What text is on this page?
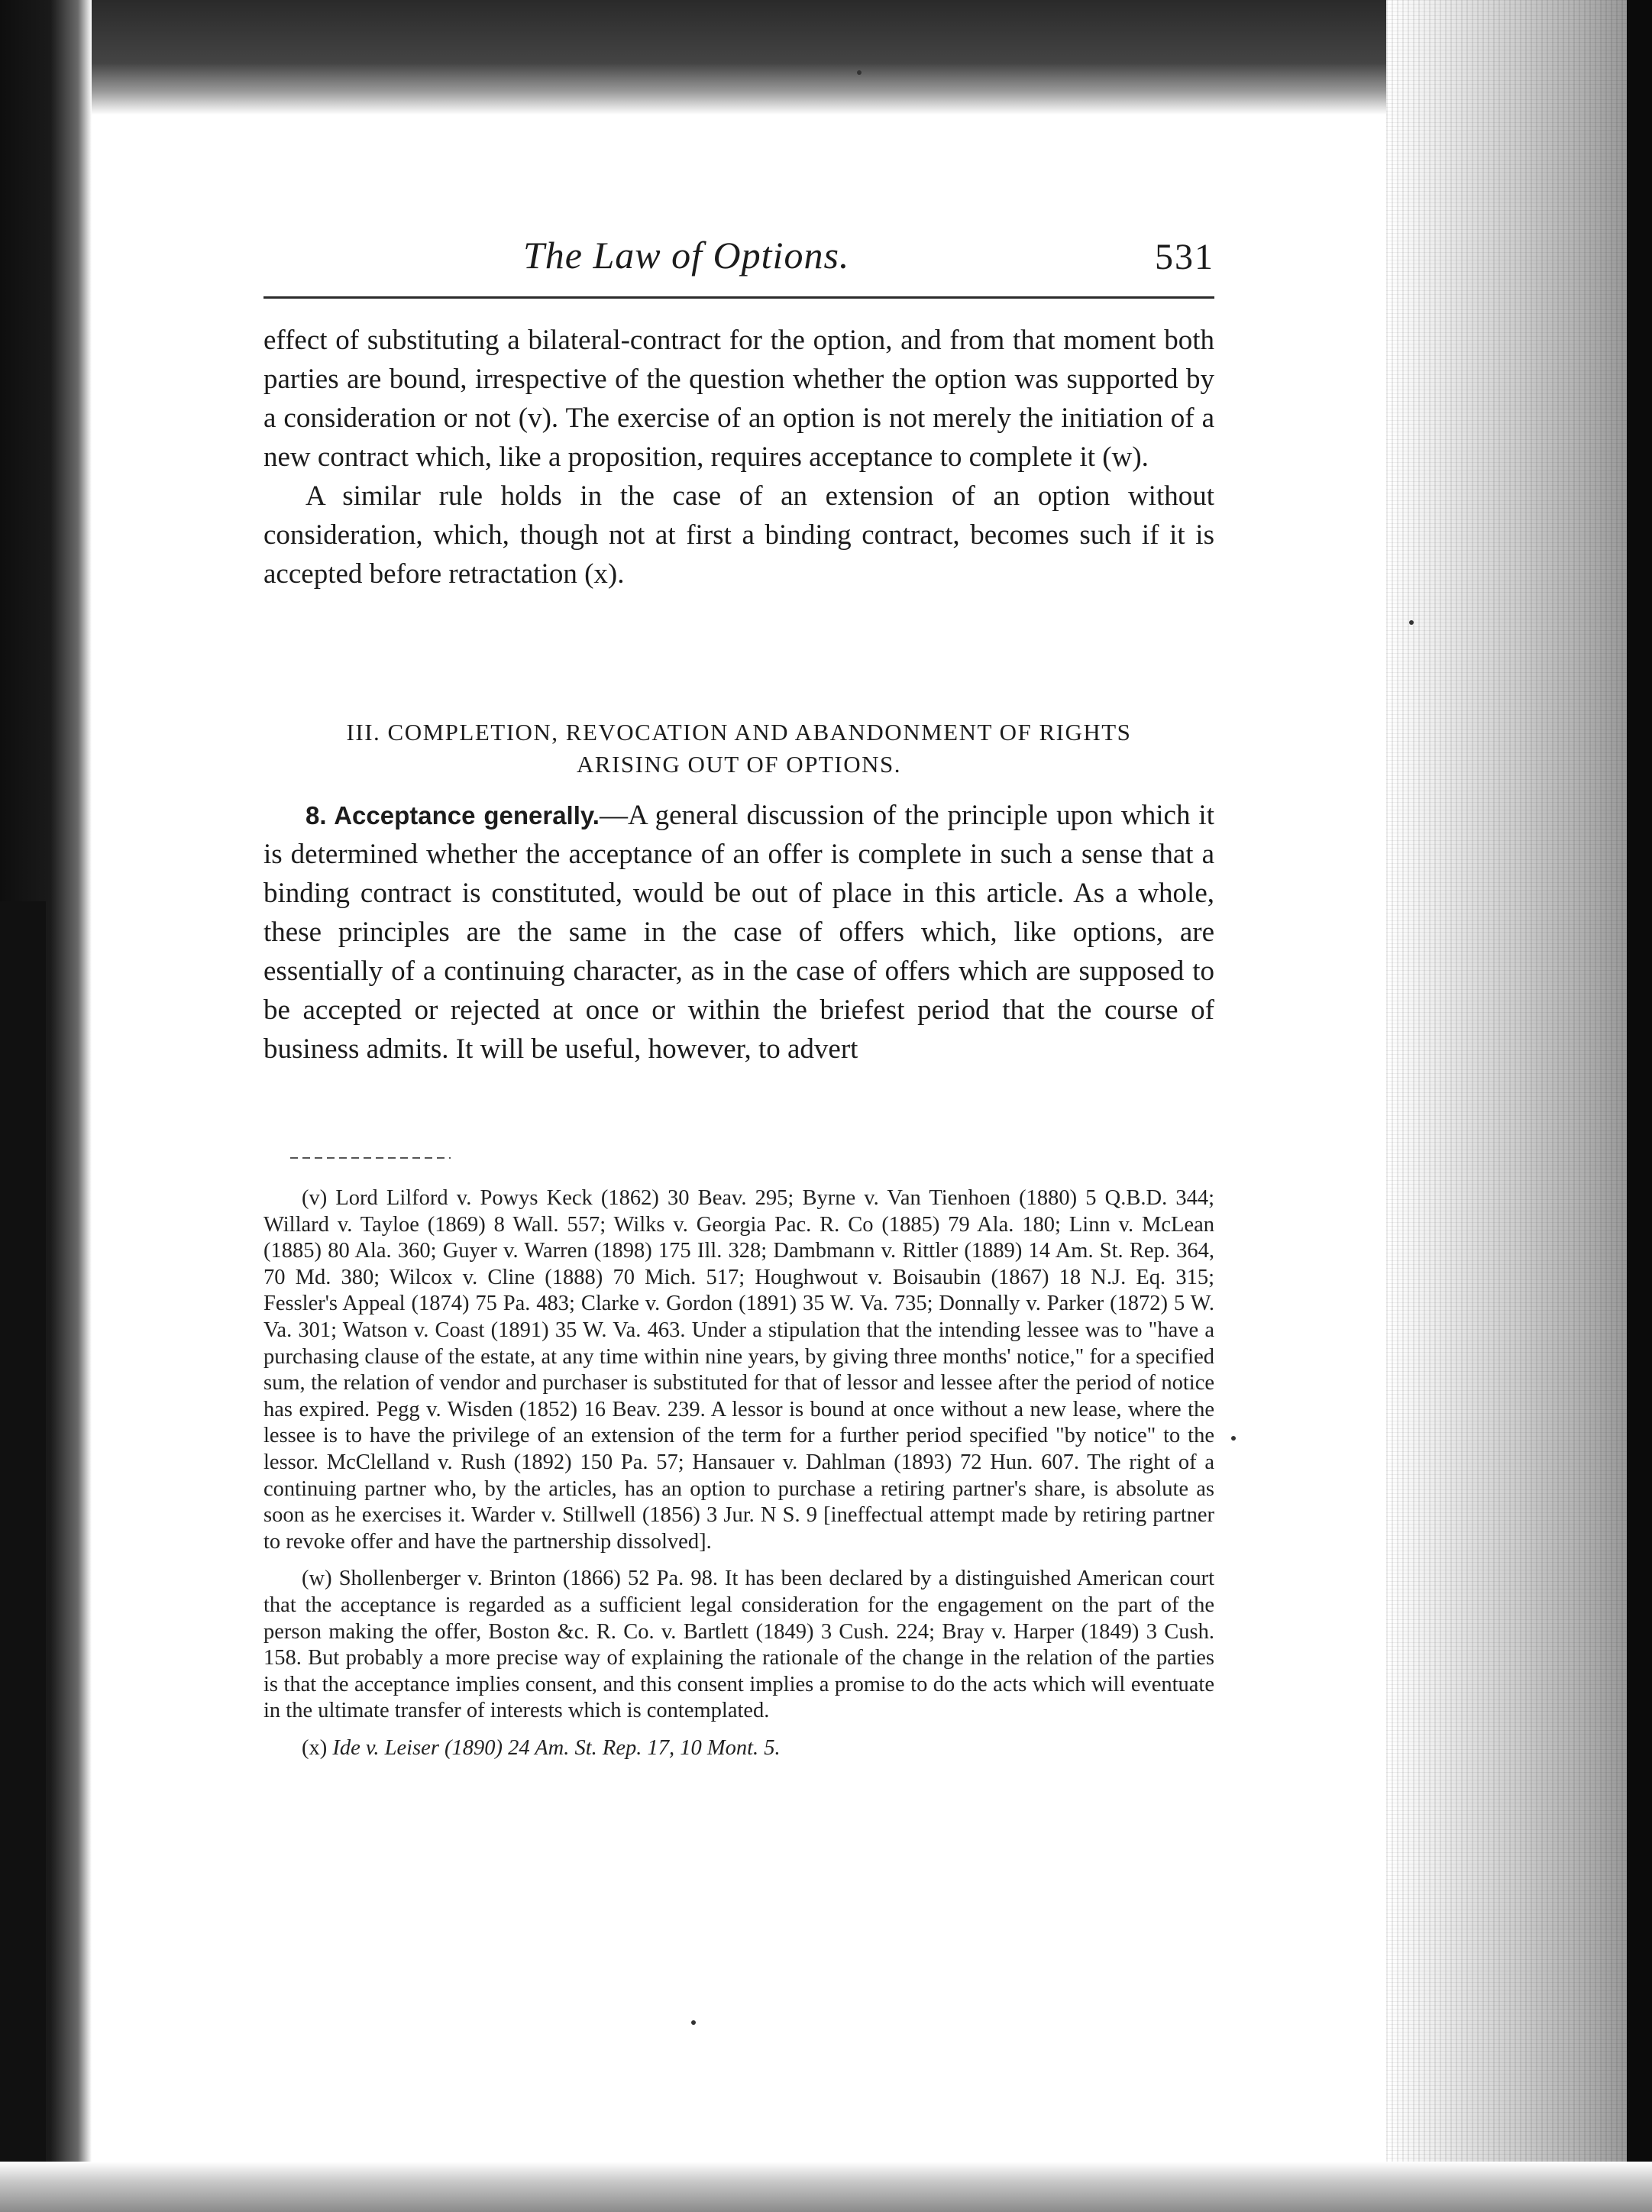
The Law of Options.	531

effect of substituting a bilateral-contract for the option, and from that moment both parties are bound, irrespective of the question whether the option was supported by a consideration or not (v). The exercise of an option is not merely the initiation of a new contract which, like a proposition, requires acceptance to complete it (w).

A similar rule holds in the case of an extension of an option without consideration, which, though not at first a binding contract, becomes such if it is accepted before retractation (x).

III. COMPLETION, REVOCATION AND ABANDONMENT OF RIGHTS
ARISING OUT OF OPTIONS.

8. Acceptance generally.—A general discussion of the principle upon which it is determined whether the acceptance of an offer is complete in such a sense that a binding contract is constituted, would be out of place in this article. As a whole, these principles are the same in the case of offers which, like options, are essentially of a continuing character, as in the case of offers which are supposed to be accepted or rejected at once or within the briefest period that the course of business admits. It will be useful, however, to advert

(v) Lord Lilford v. Powys Keck (1862) 30 Beav. 295; Byrne v. Van Tienhoen (1880) 5 Q.B.D. 344; Willard v. Tayloe (1869) 8 Wall. 557; Wilks v. Georgia Pac. R. Co (1885) 79 Ala. 180; Linn v. McLean (1885) 80 Ala. 360; Guyer v. Warren (1898) 175 Ill. 328; Dambmann v. Rittler (1889) 14 Am. St. Rep. 364, 70 Md. 380; Wilcox v. Cline (1888) 70 Mich. 517; Houghwout v. Boisaubin (1867) 18 N.J. Eq. 315; Fessler's Appeal (1874) 75 Pa. 483; Clarke v. Gordon (1891) 35 W. Va. 735; Donnally v. Parker (1872) 5 W. Va. 301; Watson v. Coast (1891) 35 W. Va. 463. Under a stipulation that the intending lessee was to "have a purchasing clause of the estate, at any time within nine years, by giving three months' notice," for a specified sum, the relation of vendor and purchaser is substituted for that of lessor and lessee after the period of notice has expired. Pegg v. Wisden (1852) 16 Beav. 239. A lessor is bound at once without a new lease, where the lessee is to have the privilege of an extension of the term for a further period specified "by notice" to the lessor. McClelland v. Rush (1892) 150 Pa. 57; Hansauer v. Dahlman (1893) 72 Hun. 607. The right of a continuing partner who, by the articles, has an option to purchase a retiring partner's share, is absolute as soon as he exercises it. Warder v. Stillwell (1856) 3 Jur. N S. 9 [ineffectual attempt made by retiring partner to revoke offer and have the partnership dissolved].

(w) Shollenberger v. Brinton (1866) 52 Pa. 98. It has been declared by a distinguished American court that the acceptance is regarded as a sufficient legal consideration for the engagement on the part of the person making the offer, Boston &c. R. Co. v. Bartlett (1849) 3 Cush. 224; Bray v. Harper (1849) 3 Cush. 158. But probably a more precise way of explaining the rationale of the change in the relation of the parties is that the acceptance implies consent, and this consent implies a promise to do the acts which will eventuate in the ultimate transfer of interests which is contemplated.

(x) Ide v. Leiser (1890) 24 Am. St. Rep. 17, 10 Mont. 5.
